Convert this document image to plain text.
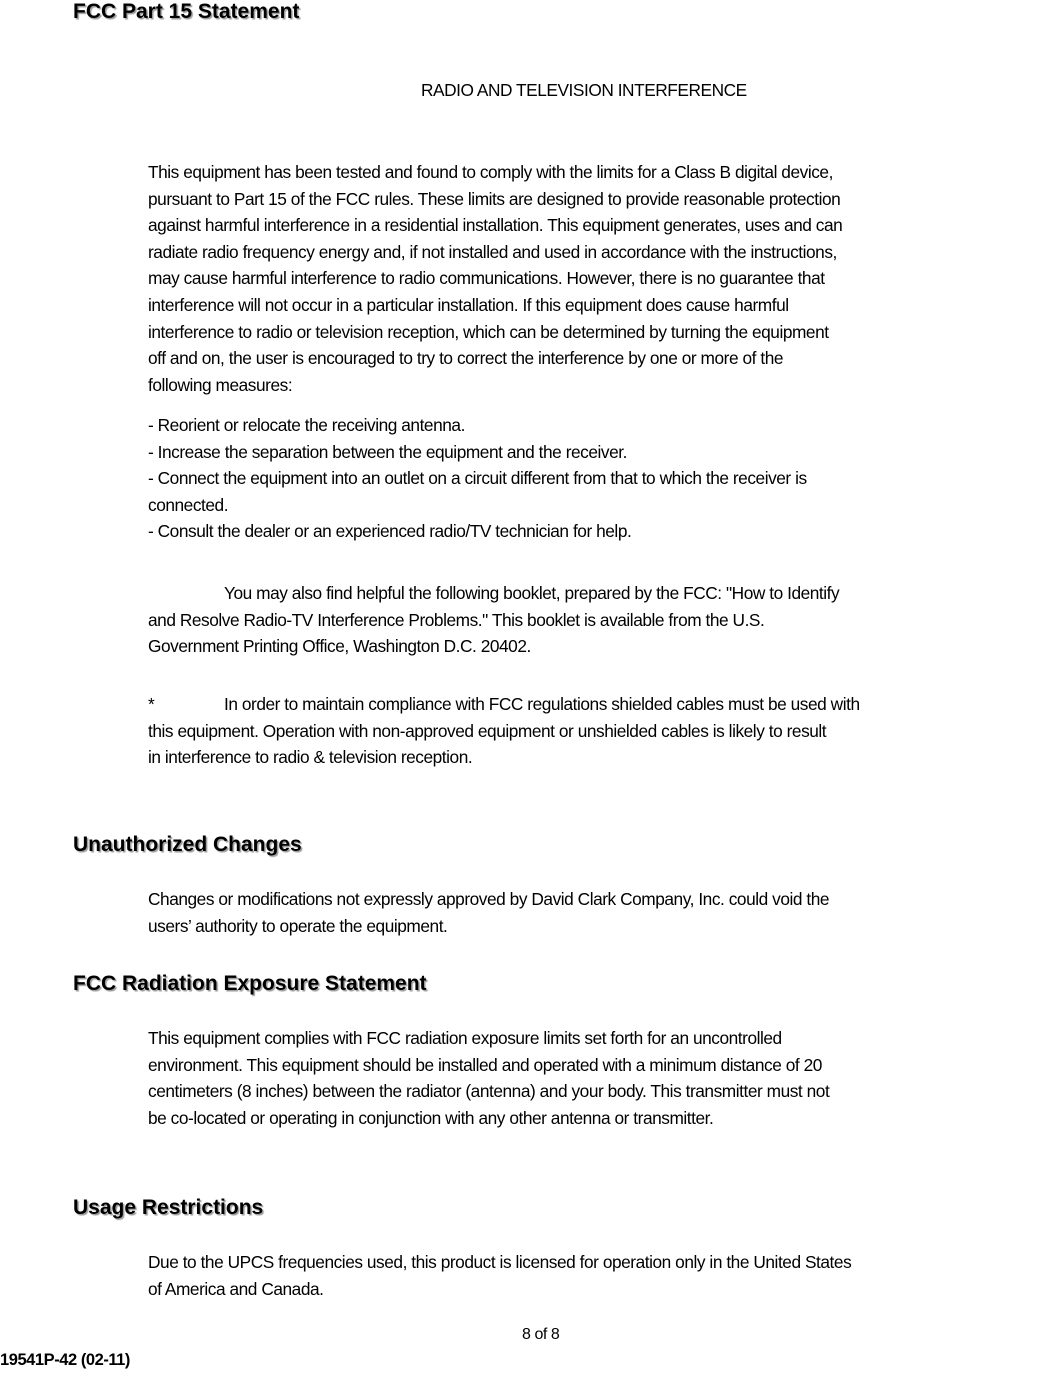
FCC Part 15 Statement
RADIO AND TELEVISION INTERFERENCE
This equipment has been tested and found to comply with the limits for a Class B digital device,
pursuant to Part 15 of the FCC rules. These limits are designed to provide reasonable protection
against harmful interference in a residential installation. This equipment generates, uses and can
radiate radio frequency energy and, if not installed and used in accordance with the instructions,
may cause harmful interference to radio communications. However, there is no guarantee that
interference will not occur in a particular installation. If this equipment does cause harmful
interference to radio or television reception, which can be determined by turning the equipment
off and on, the user is encouraged to try to correct the interference by one or more of the
following measures:
- Reorient or relocate the receiving antenna.
- Increase the separation between the equipment and the receiver.
- Connect the equipment into an outlet on a circuit different from that to which the receiver is
connected.
- Consult the dealer or an experienced radio/TV technician for help.
You may also find helpful the following booklet, prepared by the FCC: "How to Identify
and Resolve Radio-TV Interference Problems." This booklet is available from the U.S.
Government Printing Office, Washington D.C. 20402.
*	In order to maintain compliance with FCC regulations shielded cables must be used with
this equipment. Operation with non-approved equipment or unshielded cables is likely to result
in interference to radio & television reception.
Unauthorized Changes
Changes or modifications not expressly approved by David Clark Company, Inc. could void the
users’ authority to operate the equipment.
FCC Radiation Exposure Statement
This equipment complies with FCC radiation exposure limits set forth for an uncontrolled
environment. This equipment should be installed and operated with a minimum distance of 20
centimeters (8 inches) between the radiator (antenna) and your body. This transmitter must not
be co-located or operating in conjunction with any other antenna or transmitter.
Usage Restrictions
Due to the UPCS frequencies used, this product is licensed for operation only in the United States
of America and Canada.
8 of 8
19541P-42 (02-11)
